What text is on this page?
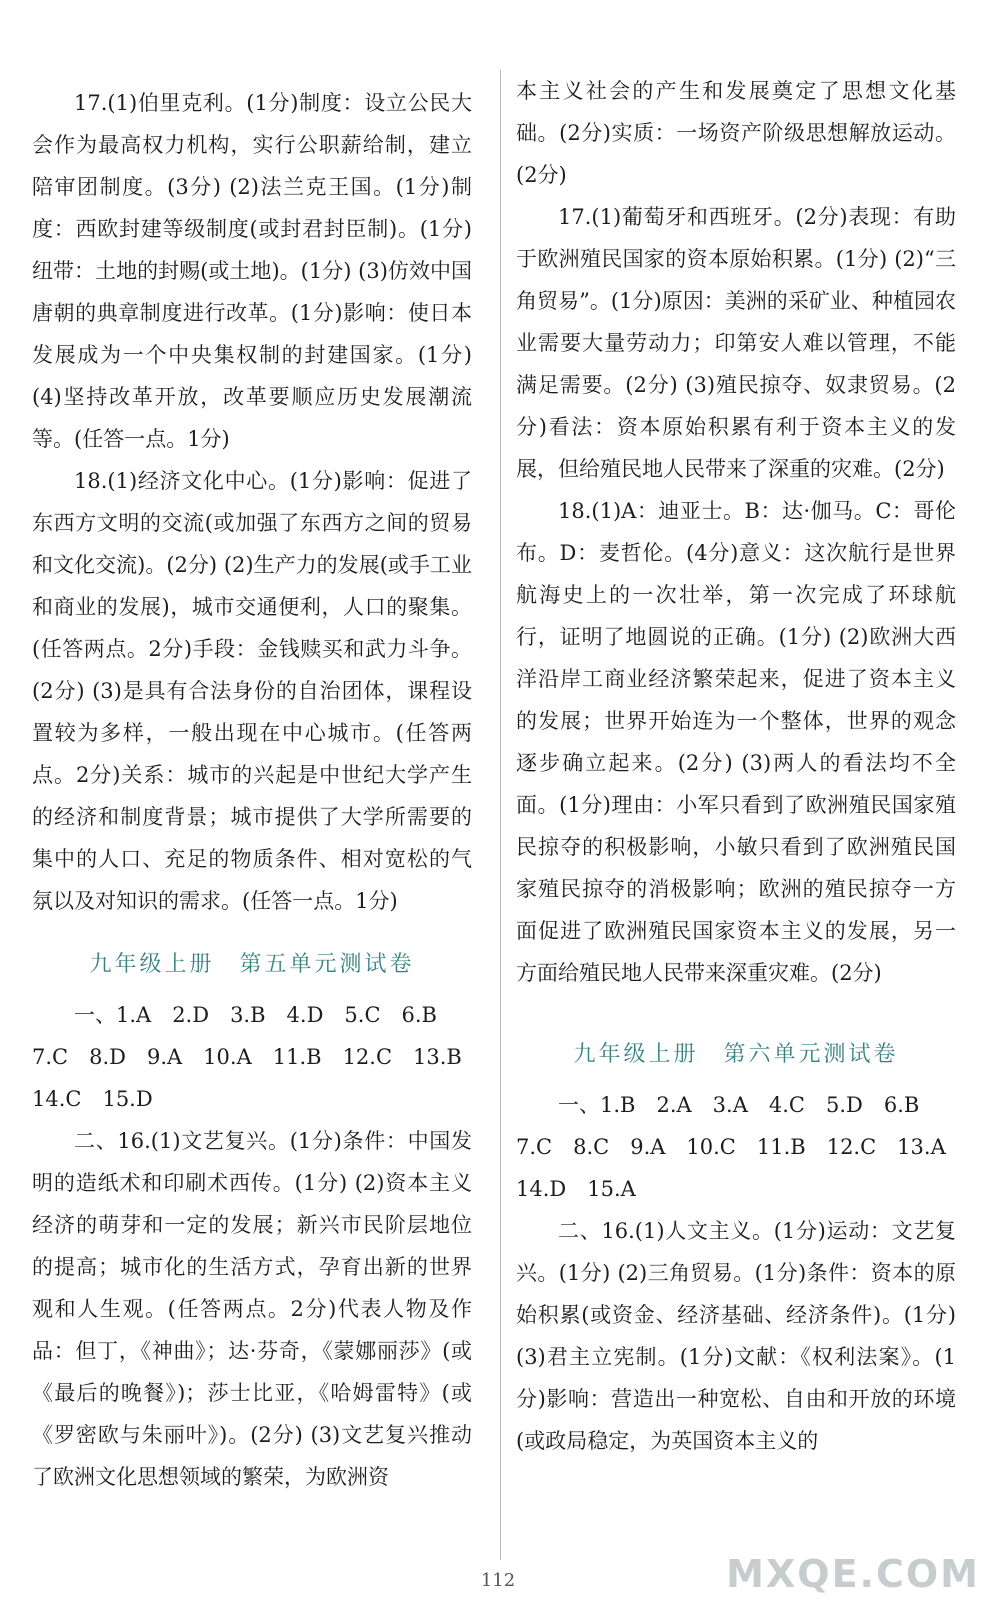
17.(1)伯里克利。(1分)制度：设立公民大会作为最高权力机构，实行公职薪给制，建立陪审团制度。(3分) (2)法兰克王国。(1分)制度：西欧封建等级制度(或封君封臣制)。(1分)纽带：土地的封赐(或土地)。(1分) (3)仿效中国唐朝的典章制度进行改革。(1分)影响：使日本发展成为一个中央集权制的封建国家。(1分) (4)坚持改革开放，改革要顺应历史发展潮流等。(任答一点。1分)

18.(1)经济文化中心。(1分)影响：促进了东西方文明的交流(或加强了东西方之间的贸易和文化交流)。(2分) (2)生产力的发展(或手工业和商业的发展)，城市交通便利，人口的聚集。(任答两点。2分)手段：金钱赎买和武力斗争。(2分) (3)是具有合法身份的自治团体，课程设置较为多样，一般出现在中心城市。(任答两点。2分)关系：城市的兴起是中世纪大学产生的经济和制度背景；城市提供了大学所需要的集中的人口、充足的物质条件、相对宽松的气氛以及对知识的需求。(任答一点。1分)

九年级上册　第五单元测试卷
一、1.A　2.D　3.B　4.D　5.C　6.B
7.C　8.D　9.A　10.A　11.B　12.C　13.B
14.C　15.D

二、16.(1)文艺复兴。(1分)条件：中国发明的造纸术和印刷术西传。(1分) (2)资本主义经济的萌芽和一定的发展；新兴市民阶层地位的提高；城市化的生活方式，孕育出新的世界观和人生观。(任答两点。2分)代表人物及作品：但丁，《神曲》；达·芬奇，《蒙娜丽莎》(或《最后的晚餐》)；莎士比亚，《哈姆雷特》(或《罗密欧与朱丽叶》)。(2分) (3)文艺复兴推动了欧洲文化思想领域的繁荣，为欧洲资

本主义社会的产生和发展奠定了思想文化基础。(2分)实质：一场资产阶级思想解放运动。(2分)

17.(1)葡萄牙和西班牙。(2分)表现：有助于欧洲殖民国家的资本原始积累。(1分) (2)“三角贸易”。(1分)原因：美洲的采矿业、种植园农业需要大量劳动力；印第安人难以管理，不能满足需要。(2分) (3)殖民掠夺、奴隶贸易。(2分)看法：资本原始积累有利于资本主义的发展，但给殖民地人民带来了深重的灾难。(2分)

18.(1)A：迪亚士。B：达·伽马。C：哥伦布。D：麦哲伦。(4分)意义：这次航行是世界航海史上的一次壮举，第一次完成了环球航行，证明了地圆说的正确。(1分) (2)欧洲大西洋沿岸工商业经济繁荣起来，促进了资本主义的发展；世界开始连为一个整体，世界的观念逐步确立起来。(2分) (3)两人的看法均不全面。(1分)理由：小军只看到了欧洲殖民国家殖民掠夺的积极影响，小敏只看到了欧洲殖民国家殖民掠夺的消极影响；欧洲的殖民掠夺一方面促进了欧洲殖民国家资本主义的发展，另一方面给殖民地人民带来深重灾难。(2分)

九年级上册　第六单元测试卷
一、1.B　2.A　3.A　4.C　5.D　6.B
7.C　8.C　9.A　10.C　11.B　12.C　13.A
14.D　15.A

二、16.(1)人文主义。(1分)运动：文艺复兴。(1分) (2)三角贸易。(1分)条件：资本的原始积累(或资金、经济基础、经济条件)。(1分) (3)君主立宪制。(1分)文献：《权利法案》。(1分)影响：营造出一种宽松、自由和开放的环境(或政局稳定，为英国资本主义的

112	MXQE.COM
